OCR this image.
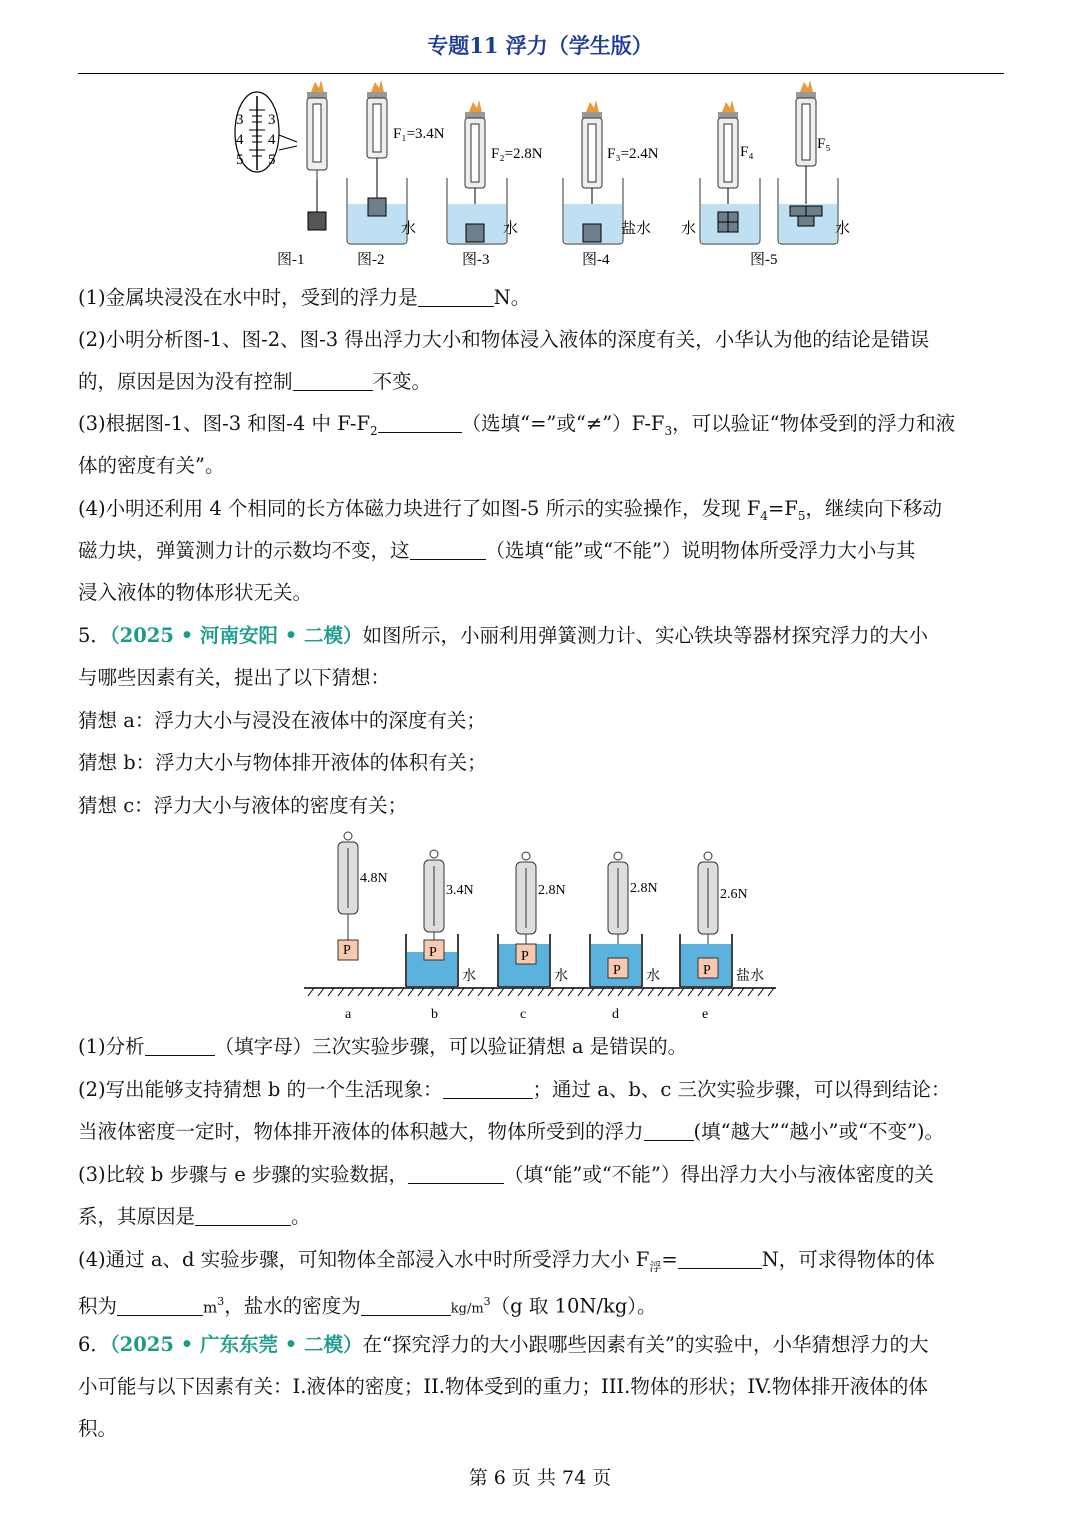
专题11 浮力（学生版）
3
4
5
3
4
5
F₁=3.4N
F₂=2.8N	F₃=2.4N	F₄	F₅
水	水	盐水 水	水
图-1	图-2	图-3	图-4	图-5
(1)金属块浸没在水中时，受到的浮力是	N。
(2)小明分析图-1、图-2、图-3 得出浮力大小和物体浸入液体的深度有关，小华认为他的结论是错误
的，原因是因为没有控制	不变。
(3)根据图-1、图-3 和图-4 中 $F-F_2$	（选填“=”或“$\ne”)F-F_3$，可以验证“物体受到的浮力和液
体的密度有关”。
(4)小明还利用 4 个相同的长方体磁力块进行了如图-5 所示的实验操作，发现 $F_4=F_5$，继续向下移动
磁力块，弹簧测力计的示数均不变，这	（选填“能”或“不能”）说明物体所受浮力大小与其
浸入液体的物体形状无关。
5．（2025 • 河南安阳 • 二模）如图所示，小丽利用弹簧测力计、实心铁块等器材探究浮力的大小
与哪些因素有关，提出了以下猜想：
猜想 a：浮力大小与浸没在液体中的深度有关；
猜想 b：浮力大小与物体排开液体的体积有关；
猜想 c：浮力大小与液体的密度有关；
P	P	P
P	P
4.8N
3.4N	2.8N	2.8N	2.6N
水	水	水	盐水
a	b	c	d	e
(1)分析	（填字母）三次实验步骤，可以验证猜想 a 是错误的。
(2)写出能够支持猜想 b 的一个生活现象：	；通过 a、b、c 三次实验步骤，可以得到结论：
当液体密度一定时，物体排开液体的体积越大，物体所受到的浮力	(填“越大”“越小”或“不变”)。
(3)比较 b 步骤与 e 步骤的实验数据，	（填“能”或“不能”）得出浮力大小与液体密度的关
系，其原因是	。
(4)通过 a、d 实验步骤，可知物体全部浸入水中时所受浮力大小 $F_浮=$	N，可求得物体的体
积为	$m^3$，盐水的密度为	$kg/m^3(g$ 取 10N/kg）。
6．（2025 • 广东东莞 • 二模）在“探究浮力的大小跟哪些因素有关”的实验中，小华猜想浮力的大
小可能与以下因素有关：I.液体的密度；II.物体受到的重力；III.物体的形状；IV.物体排开液体的体
积。
第 6 页 共 74 页
